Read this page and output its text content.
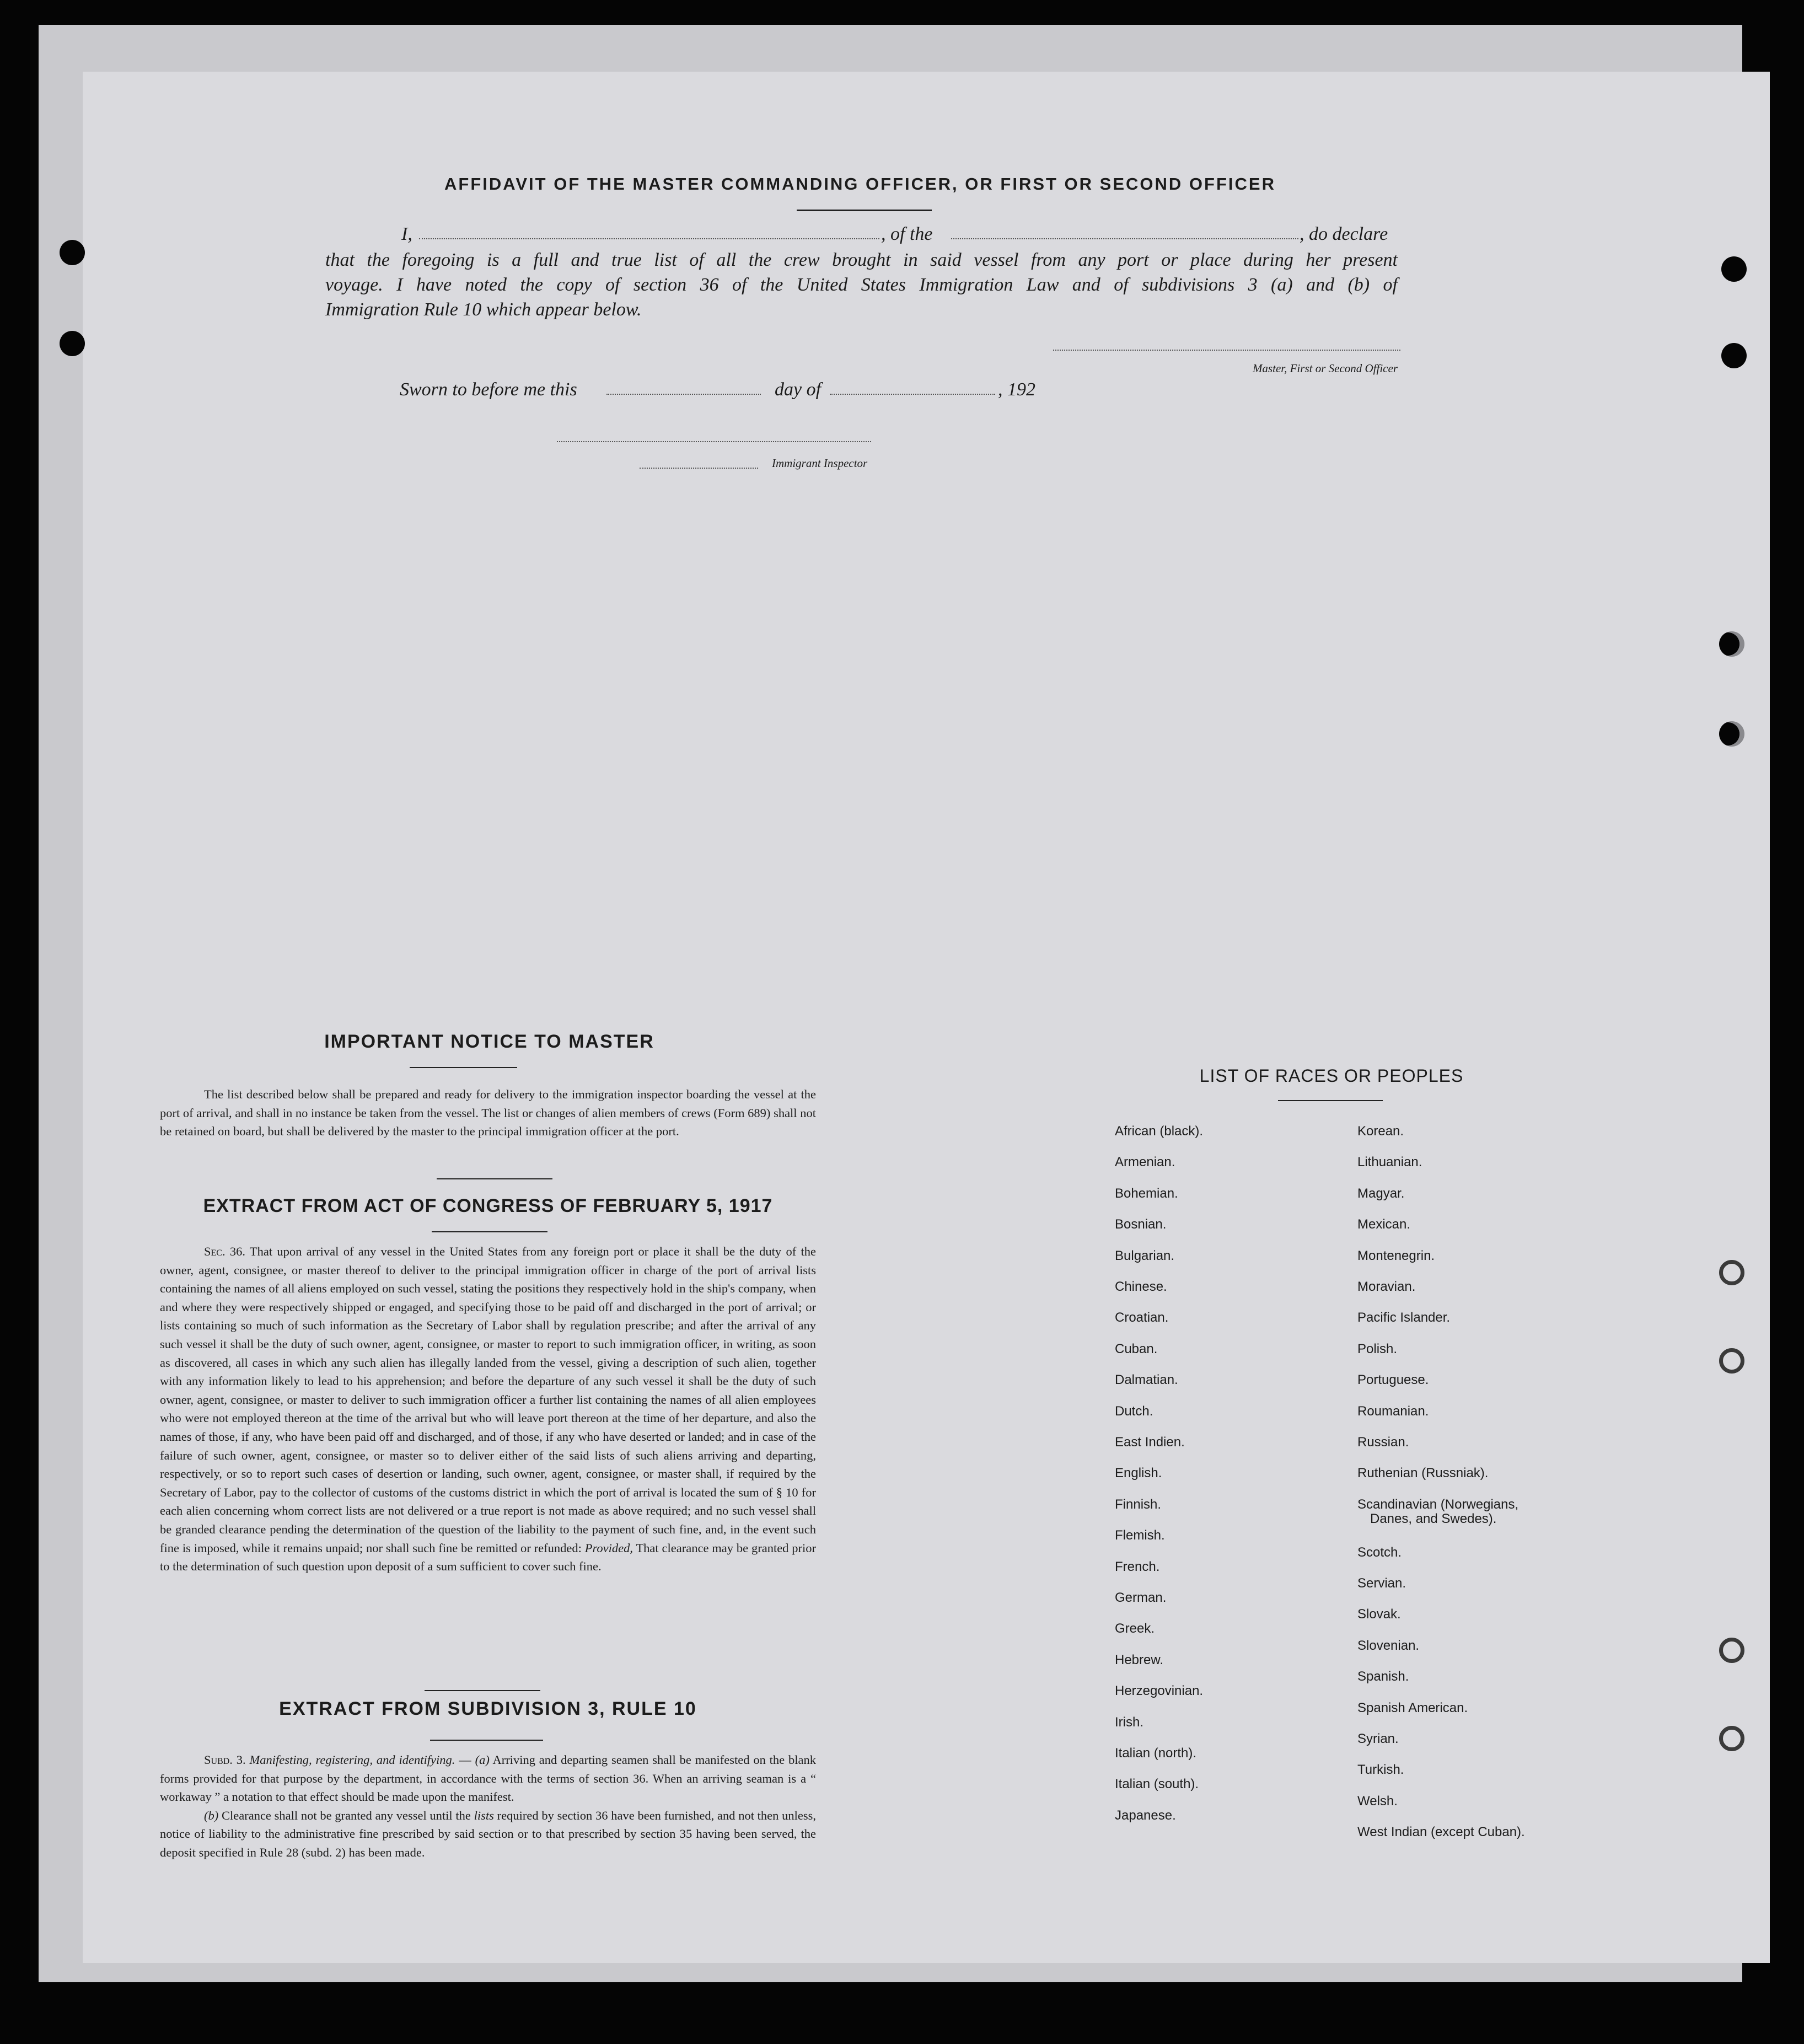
AFFIDAVIT OF THE MASTER COMMANDING OFFICER, OR FIRST OR SECOND OFFICER
I,	, of the	, do declare
that the foregoing is a full and true list of all the crew brought in said vessel from any port or place during her present
voyage. I have noted the copy of section 36 of the United States Immigration Law and of subdivisions 3 (a) and (b) of
Immigration Rule 10 which appear below.
Master, First or Second Officer
Sworn to before me this	day of	, 192
Immigrant Inspector
IMPORTANT NOTICE TO MASTER

The list described below shall be prepared and ready for delivery to the immigration inspector boarding the vessel at the port of arrival, and shall in no instance be taken from the vessel. The list or changes of alien members of crews (Form 689) shall not be retained on board, but shall be delivered by the master to the principal immigration officer at the port.

EXTRACT FROM ACT OF CONGRESS OF FEBRUARY 5, 1917

Sec. 36. That upon arrival of any vessel in the United States from any foreign port or place it shall be the duty of the owner, agent, consignee, or master thereof to deliver to the principal immigration officer in charge of the port of arrival lists containing the names of all aliens employed on such vessel, stating the positions they respectively hold in the ship's company, when and where they were respectively shipped or engaged, and specifying those to be paid off and discharged in the port of arrival; or lists containing so much of such information as the Secretary of Labor shall by regulation prescribe; and after the arrival of any such vessel it shall be the duty of such owner, agent, consignee, or master to report to such immigration officer, in writing, as soon as discovered, all cases in which any such alien has illegally landed from the vessel, giving a description of such alien, together with any information likely to lead to his apprehension; and before the departure of any such vessel it shall be the duty of such owner, agent, consignee, or master to deliver to such immigration officer a further list containing the names of all alien employees who were not employed thereon at the time of the arrival but who will leave port thereon at the time of her departure, and also the names of those, if any, who have been paid off and discharged, and of those, if any who have deserted or landed; and in case of the failure of such owner, agent, consignee, or master so to deliver either of the said lists of such aliens arriving and departing, respectively, or so to report such cases of desertion or landing, such owner, agent, consignee, or master shall, if required by the Secretary of Labor, pay to the collector of customs of the customs district in which the port of arrival is located the sum of § 10 for each alien concerning whom correct lists are not delivered or a true report is not made as above required; and no such vessel shall be granded clearance pending the determination of the question of the liability to the payment of such fine, and, in the event such fine is imposed, while it remains unpaid; nor shall such fine be remitted or refunded: Provided, That clearance may be granted prior to the determination of such question upon deposit of a sum sufficient to cover such fine.

EXTRACT FROM SUBDIVISION 3, RULE 10

Subd. 3. Manifesting, registering, and identifying. — (a) Arriving and departing seamen shall be manifested on the blank forms provided for that purpose by the department, in accordance with the terms of section 36. When an arriving seaman is a “ workaway ” a notation to that effect should be made upon the manifest.

(b) Clearance shall not be granted any vessel until the lists required by section 36 have been furnished, and not then unless, notice of liability to the administrative fine prescribed by said section or to that prescribed by section 35 having been served, the deposit specified in Rule 28 (subd. 2) has been made.

LIST OF RACES OR PEOPLES
African (black).
Armenian.
Bohemian.
Bosnian.
Bulgarian.
Chinese.
Croatian.
Cuban.
Dalmatian.
Dutch.
East Indien.
English.
Finnish.
Flemish.
French.
German.
Greek.
Hebrew.
Herzegovinian.
Irish.
Italian (north).
Italian (south).
Japanese.
Korean.
Lithuanian.
Magyar.
Mexican.
Montenegrin.
Moravian.
Pacific Islander.
Polish.
Portuguese.
Roumanian.
Russian.
Ruthenian (Russniak).
Scandinavian (Norwegians,
Danes, and Swedes).
Scotch.
Servian.
Slovak.
Slovenian.
Spanish.
Spanish American.
Syrian.
Turkish.
Welsh.
West Indian (except Cuban).
